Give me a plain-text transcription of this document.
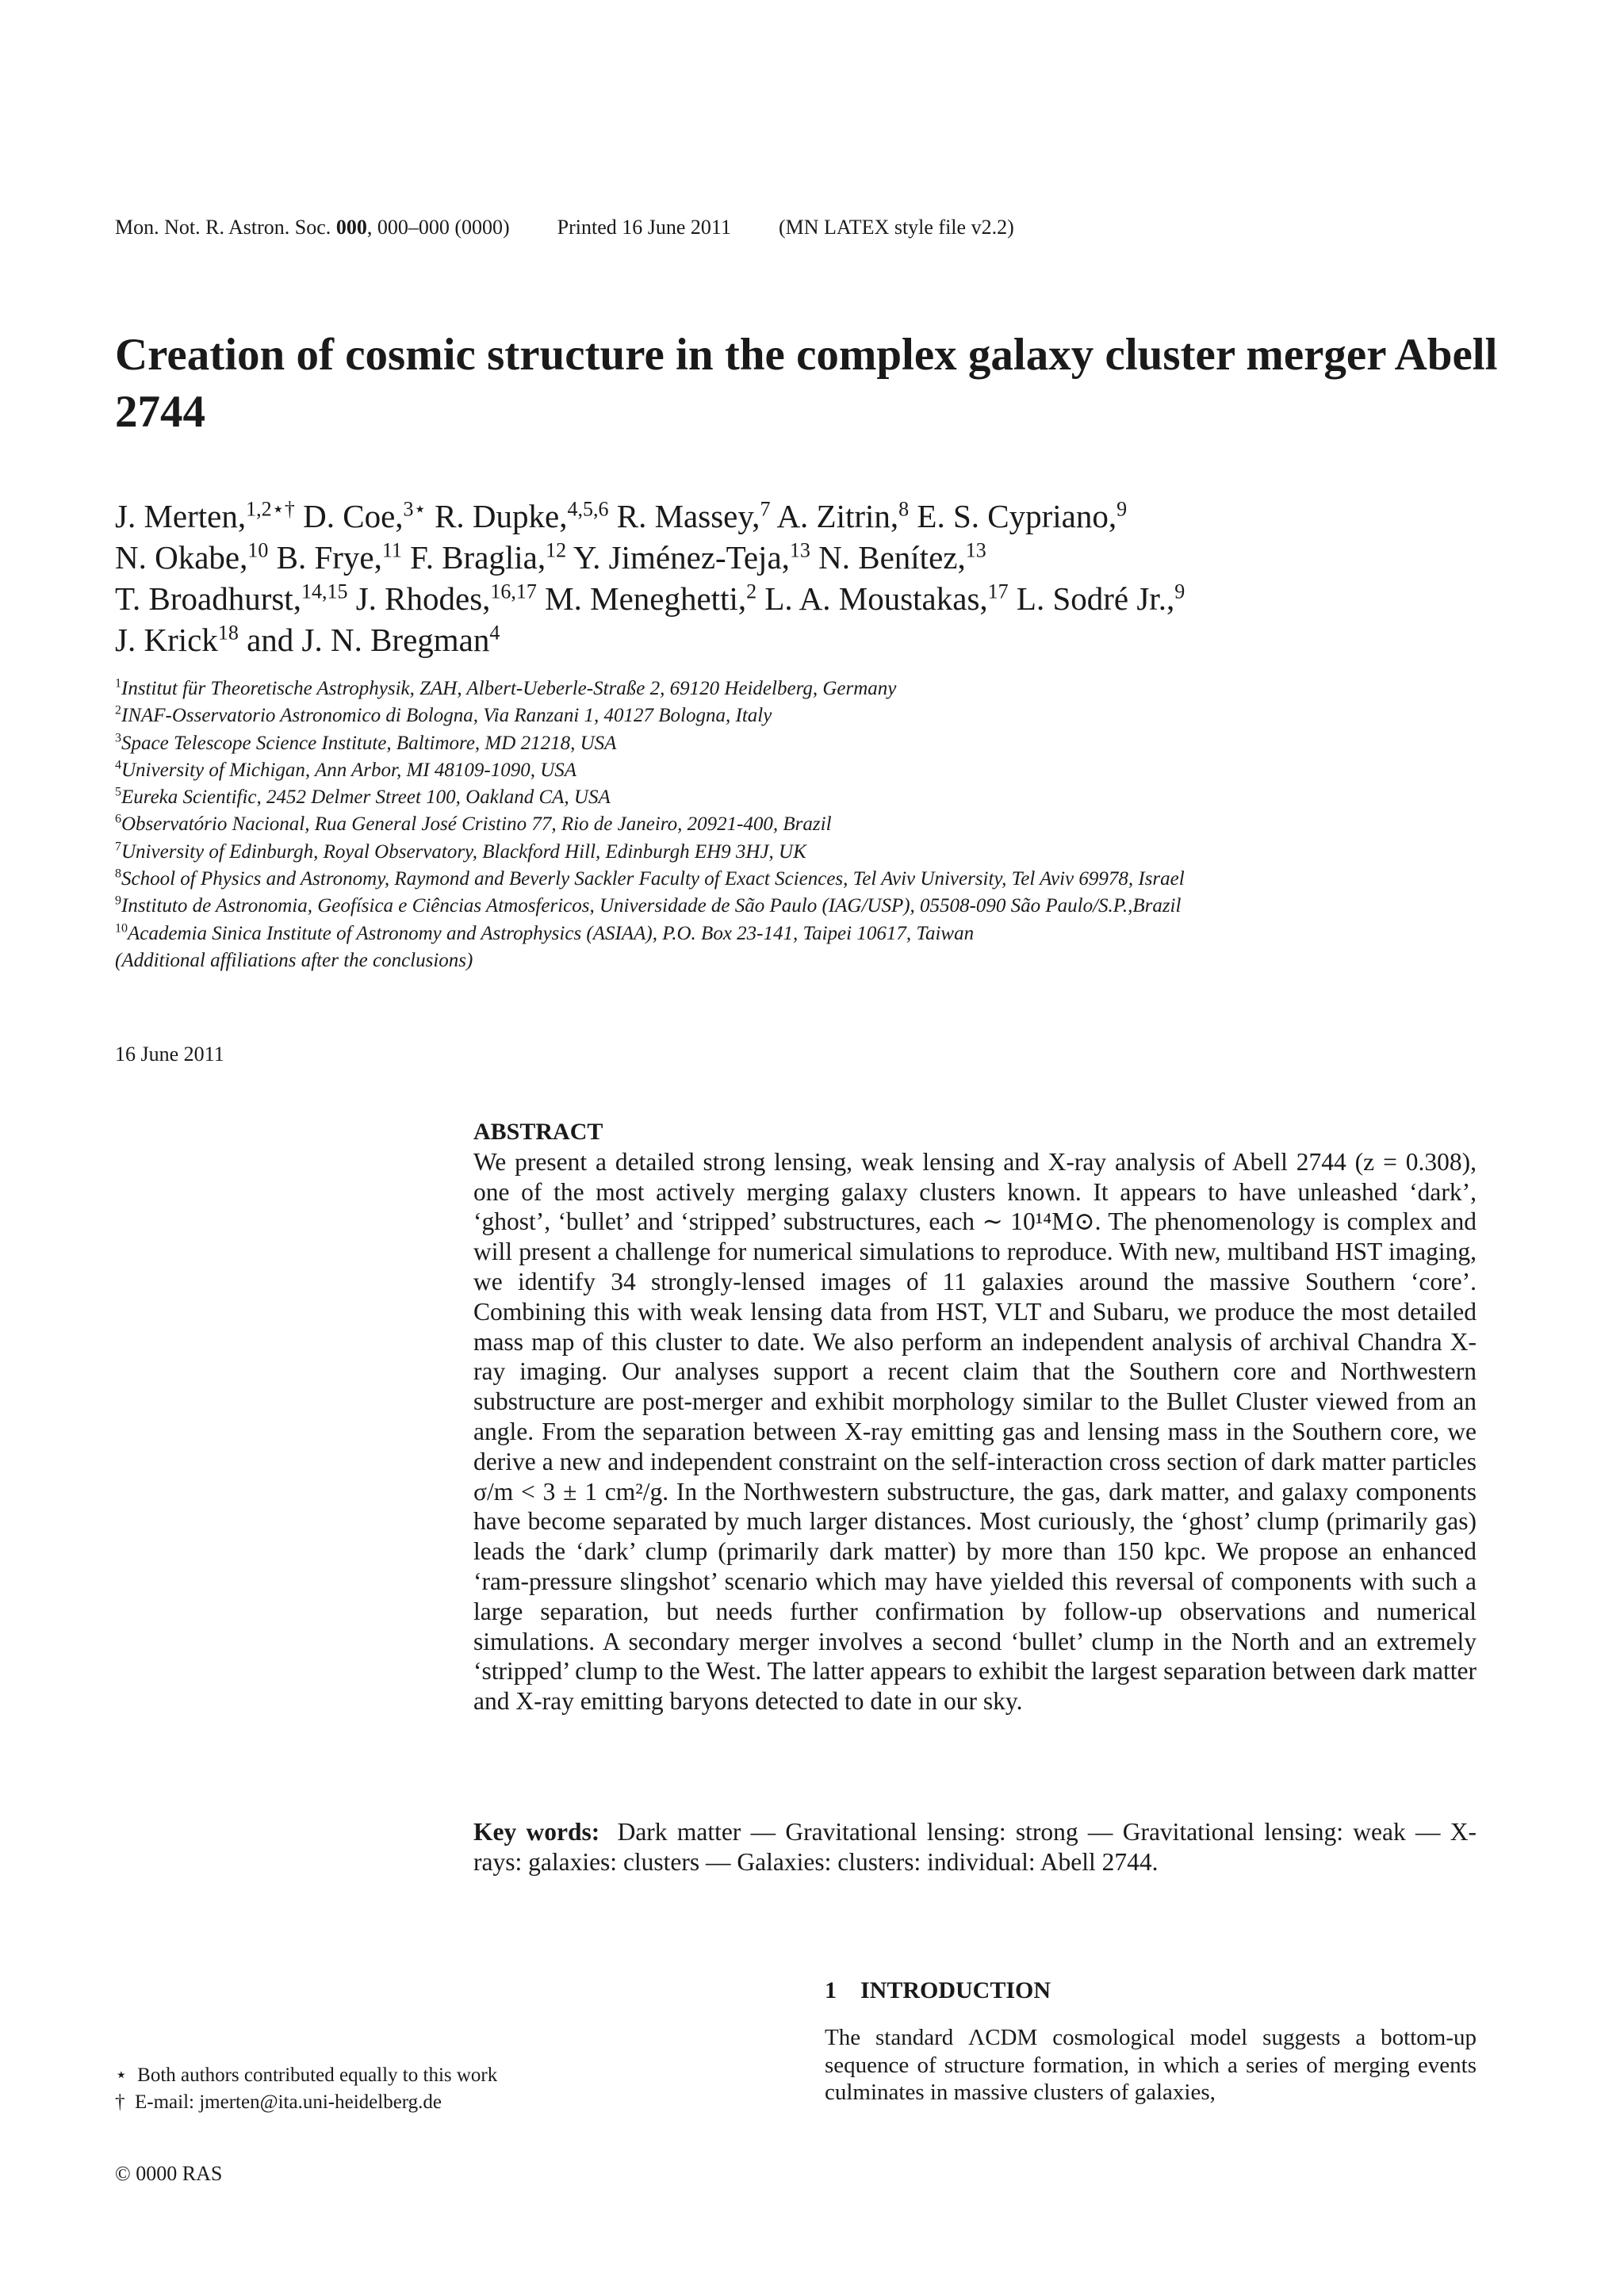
Mon. Not. R. Astron. Soc. 000, 000–000 (0000) Printed 16 June 2011 (MN LATEX style file v2.2)
Creation of cosmic structure in the complex galaxy cluster merger Abell 2744
J. Merten,$^{1,2⋆\dagger}$ D. Coe,$^{3⋆}$ R. Dupke,$^{4,5,6}$ R. Massey,$^7$ A. Zitrin,$^8$ E. S. Cypriano,$^9$
N. Okabe,$^{10}$ B. Frye,$^{11}$ F. Braglia,$^{12}$ Y. Jiménez-Teja,$^{13}$ N. Benítez,$^{13}$
T. Broadhurst,$^{14,15}$ J. Rhodes,$^{16,17}$ M. Meneghetti,$^2$ L. A. Moustakas,$^{17}$ L. Sodré Jr.,$^9$
J. Krick$^{18}$ and J. N. Bregman$^4$
$^1$Institut für Theoretische Astrophysik, ZAH, Albert-Ueberle-Straße 2, 69120 Heidelberg, Germany
$^2$INAF-Osservatorio Astronomico di Bologna, Via Ranzani 1, 40127 Bologna, Italy
$^3$Space Telescope Science Institute, Baltimore, MD 21218, USA
$^4$University of Michigan, Ann Arbor, MI 48109-1090, USA
$^5$Eureka Scientific, 2452 Delmer Street 100, Oakland CA, USA
$^6$Observatório Nacional, Rua General José Cristino 77, Rio de Janeiro, 20921-400, Brazil
$^7$University of Edinburgh, Royal Observatory, Blackford Hill, Edinburgh EH9 3HJ, UK
$^8$School of Physics and Astronomy, Raymond and Beverly Sackler Faculty of Exact Sciences, Tel Aviv University, Tel Aviv 69978, Israel
$^9$Instituto de Astronomia, Geofísica e Ciências Atmosfericos, Universidade de São Paulo (IAG/USP), 05508-090 São Paulo/S.P.,Brazil
$^{10}$Academia Sinica Institute of Astronomy and Astrophysics (ASIAA), P.O. Box 23-141, Taipei 10617, Taiwan
(Additional affiliations after the conclusions)
16 June 2011
ABSTRACT
We present a detailed strong lensing, weak lensing and X-ray analysis of Abell 2744 (z = 0.308), one of the most actively merging galaxy clusters known. It appears to have unleashed ‘dark’, ‘ghost’, ‘bullet’ and ‘stripped’ substructures, each ∼ 10¹⁴M⊙. The phenomenology is complex and will present a challenge for numerical simulations to reproduce. With new, multiband HST imaging, we identify 34 strongly-lensed images of 11 galaxies around the massive Southern ‘core’. Combining this with weak lensing data from HST, VLT and Subaru, we produce the most detailed mass map of this cluster to date. We also perform an independent analysis of archival Chandra X-ray imaging. Our analyses support a recent claim that the Southern core and Northwestern substructure are post-merger and exhibit morphology similar to the Bullet Cluster viewed from an angle. From the separation between X-ray emitting gas and lensing mass in the Southern core, we derive a new and independent constraint on the self-interaction cross section of dark matter particles σ/m < 3 ± 1 cm²/g. In the Northwestern substructure, the gas, dark matter, and galaxy components have become separated by much larger distances. Most curiously, the ‘ghost’ clump (primarily gas) leads the ‘dark’ clump (primarily dark matter) by more than 150 kpc. We propose an enhanced ‘ram-pressure slingshot’ scenario which may have yielded this reversal of components with such a large separation, but needs further confirmation by follow-up observations and numerical simulations. A secondary merger involves a second ‘bullet’ clump in the North and an extremely ‘stripped’ clump to the West. The latter appears to exhibit the largest separation between dark matter and X-ray emitting baryons detected to date in our sky.
Key words: Dark matter — Gravitational lensing: strong — Gravitational lensing: weak — X-rays: galaxies: clusters — Galaxies: clusters: individual: Abell 2744.
1 INTRODUCTION
The standard ΛCDM cosmological model suggests a bottom-up sequence of structure formation, in which a series of merging events culminates in massive clusters of galaxies,
⋆ Both authors contributed equally to this work
† E-mail: jmerten@ita.uni-heidelberg.de
© 0000 RAS
